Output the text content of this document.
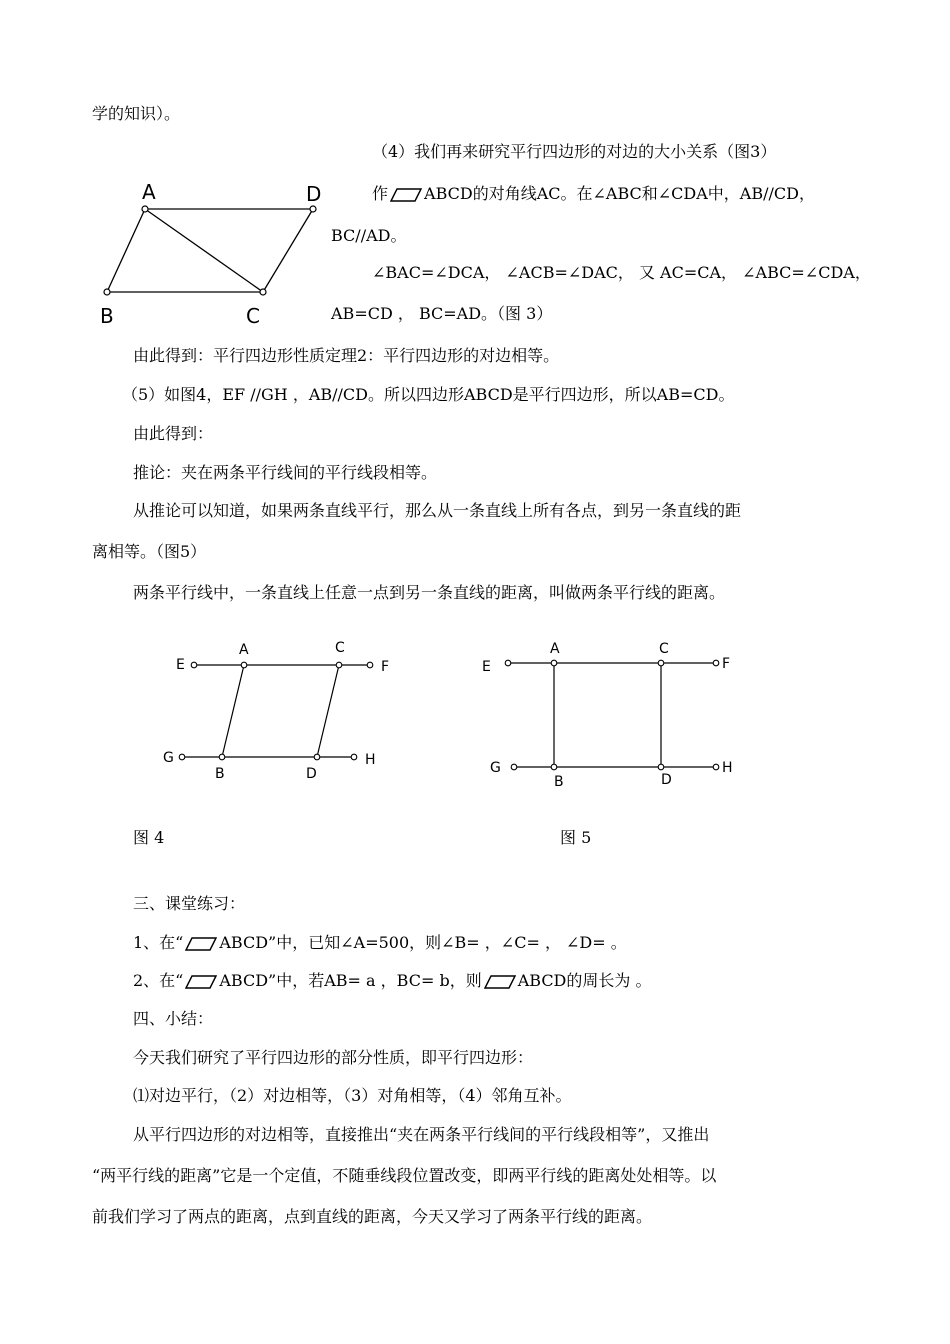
学的知识）。
（4）我们再来研究平行四边形的对边的大小关系（图3）
作 ABCD的对角线AC。在∠ABC和∠CDA中，AB//CD，
BC//AD。
∠BAC=∠DCA， ∠ACB=∠DAC， 又 AC=CA， ∠ABC=∠CDA，
AB=CD ， BC=AD。（图 3）
由此得到：平行四边形性质定理2：平行四边形的对边相等。
（5）如图4，EF //GH ，AB//CD。所以四边形ABCD是平行四边形，所以AB=CD。
由此得到：
推论：夹在两条平行线间的平行线段相等。
从推论可以知道，如果两条直线平行，那么从一条直线上所有各点，到另一条直线的距
离相等。（图5）
两条平行线中，一条直线上任意一点到另一条直线的距离，叫做两条平行线的距离。
A	D
B	C
E
A	C
F
G
B	D
H
E
A	C
F
G
B	D
H
图 4	图 5
三、课堂练习：
1、在“ ABCD”中，已知∠A=500，则∠B= ，∠C= ， ∠D= 。
2、在“ ABCD”中，若AB= a ，BC= b，则 ABCD的周长为 。
四、小结：
今天我们研究了平行四边形的部分性质，即平行四边形：
⑴对边平行，（2）对边相等，（3）对角相等，（4）邻角互补。
从平行四边形的对边相等，直接推出“夹在两条平行线间的平行线段相等”，又推出
“两平行线的距离”它是一个定值，不随垂线段位置改变，即两平行线的距离处处相等。以
前我们学习了两点的距离，点到直线的距离，今天又学习了两条平行线的距离。
